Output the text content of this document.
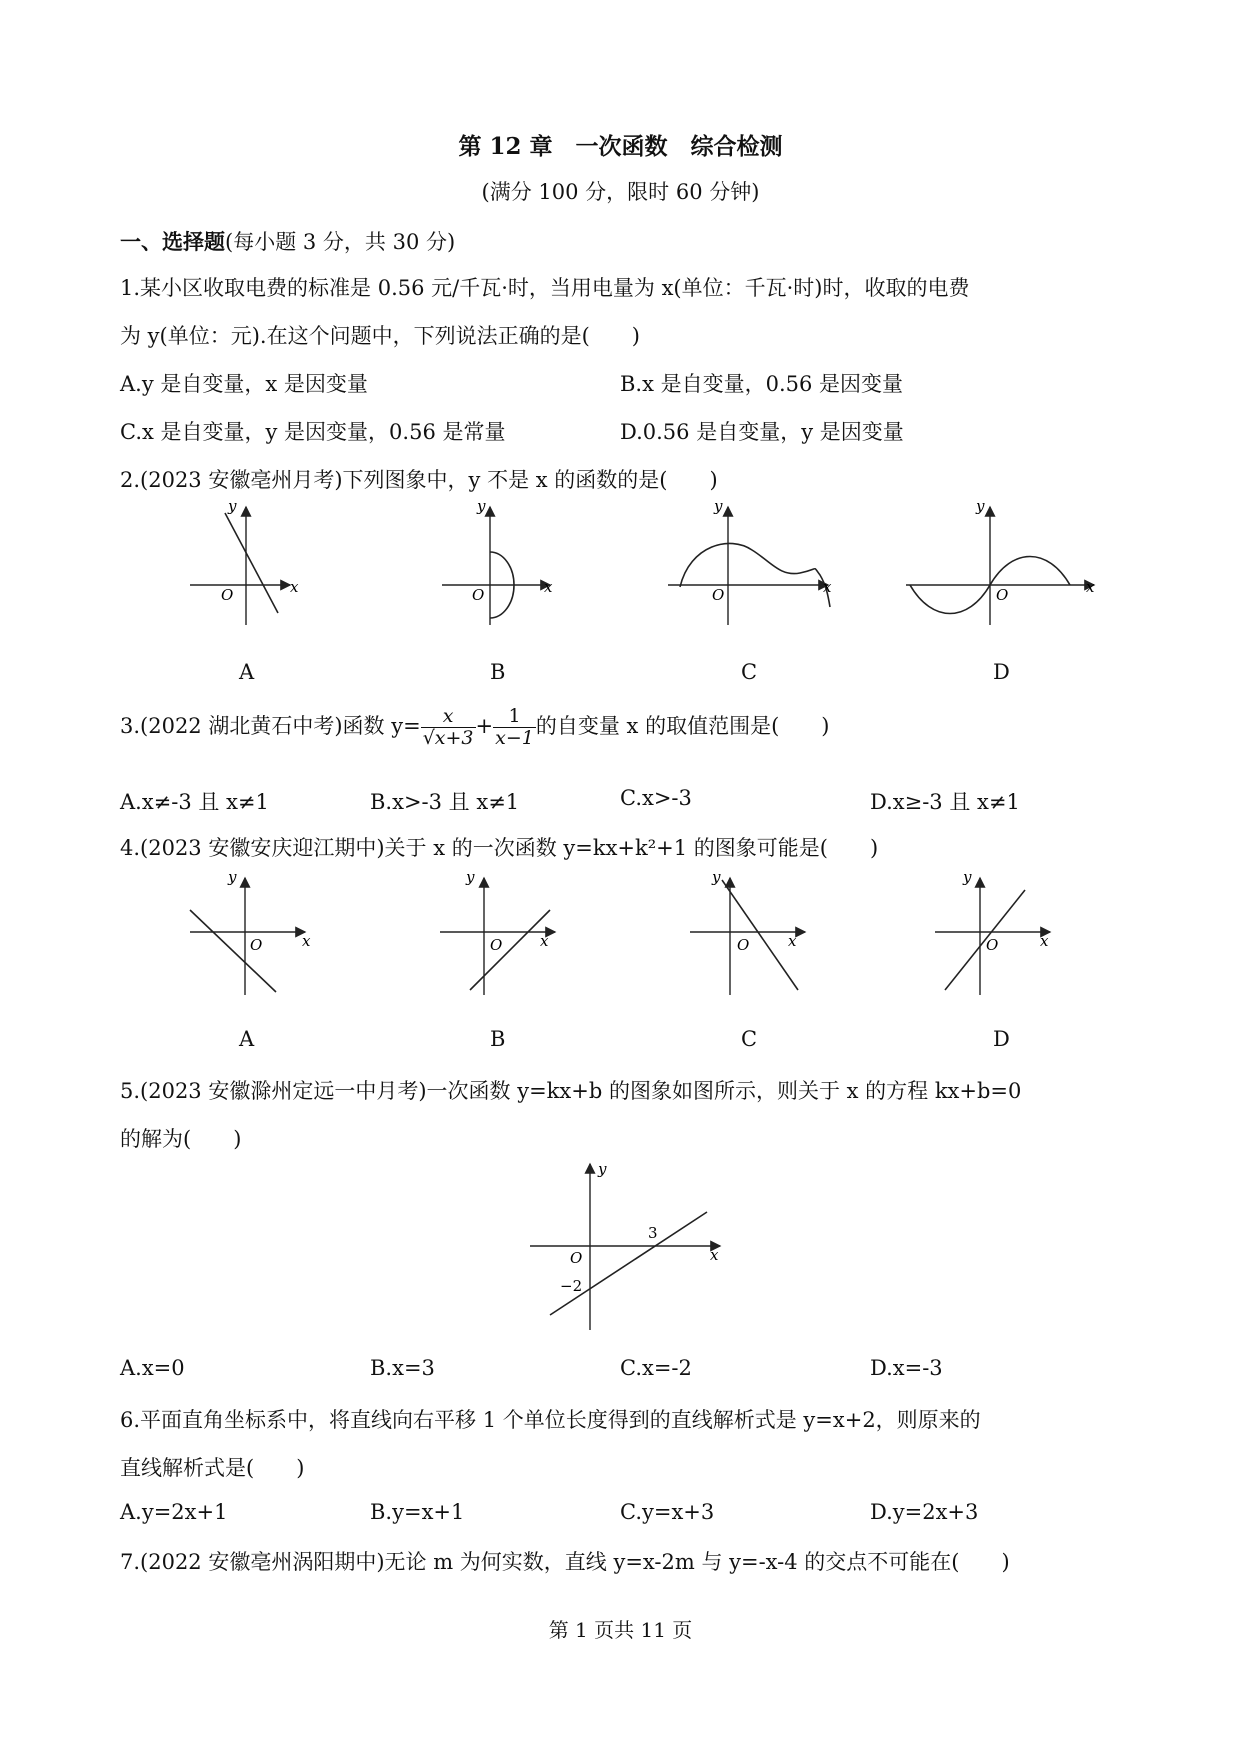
第 12 章　一次函数　综合检测
(满分 100 分，限时 60 分钟)
一、选择题(每小题 3 分，共 30 分)
1.某小区收取电费的标准是 0.56 元/千瓦·时，当用电量为 x(单位：千瓦·时)时，收取的电费
为 y(单位：元).在这个问题中，下列说法正确的是(　　)
A.y 是自变量，x 是因变量	B.x 是自变量，0.56 是因变量
C.x 是自变量，y 是因变量，0.56 是常量	D.0.56 是自变量，y 是因变量
2.(2023 安徽亳州月考)下列图象中，y 不是 x 的函数的是(　　)
O	x
y
O	x
y
O	x
y
O	x
y
A	B	C	D
3.(2022 湖北黄石中考)函数 $y= \frac{x}{√x+3} + \frac{1}{x-1}$ 的自变量 x 的取值范围是(　　)
A.x≠-3 且 x≠1	B.x>-3 且 x≠1	C.x>-3	D.x≥-3 且 x≠1
4.(2023 安徽安庆迎江期中)关于 x 的一次函数 y=kx+k²+1 的图象可能是(　　)
O	x
y
O	x
y
O	x
y
O	x
y
A	B	C	D
5.(2023 安徽滁州定远一中月考)一次函数 y=kx+b 的图象如图所示，则关于 x 的方程 kx+b=0
的解为(　　)
O	x
y
3
−2
A.x=0	B.x=3	C.x=-2	D.x=-3
6.平面直角坐标系中，将直线向右平移 1 个单位长度得到的直线解析式是 y=x+2，则原来的
直线解析式是(　　)
A.y=2x+1	B.y=x+1	C.y=x+3	D.y=2x+3
7.(2022 安徽亳州涡阳期中)无论 m 为何实数，直线 y=x-2m 与 y=-x-4 的交点不可能在(　　)
第 1 页共 11 页
